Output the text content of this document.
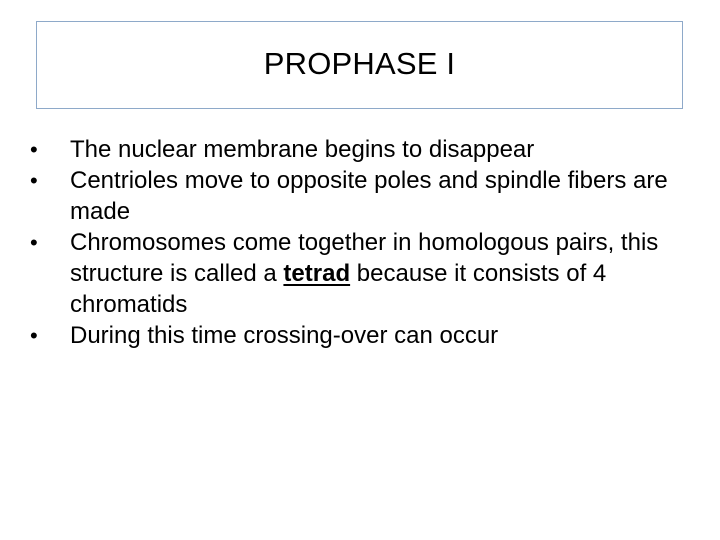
PROPHASE I
•	The nuclear membrane begins to disappear
•	Centrioles move to opposite poles and spindle fibers are made
•	Chromosomes come together in homologous pairs, this structure is called a tetrad because it consists of 4 chromatids
•	During this time crossing-over can occur
